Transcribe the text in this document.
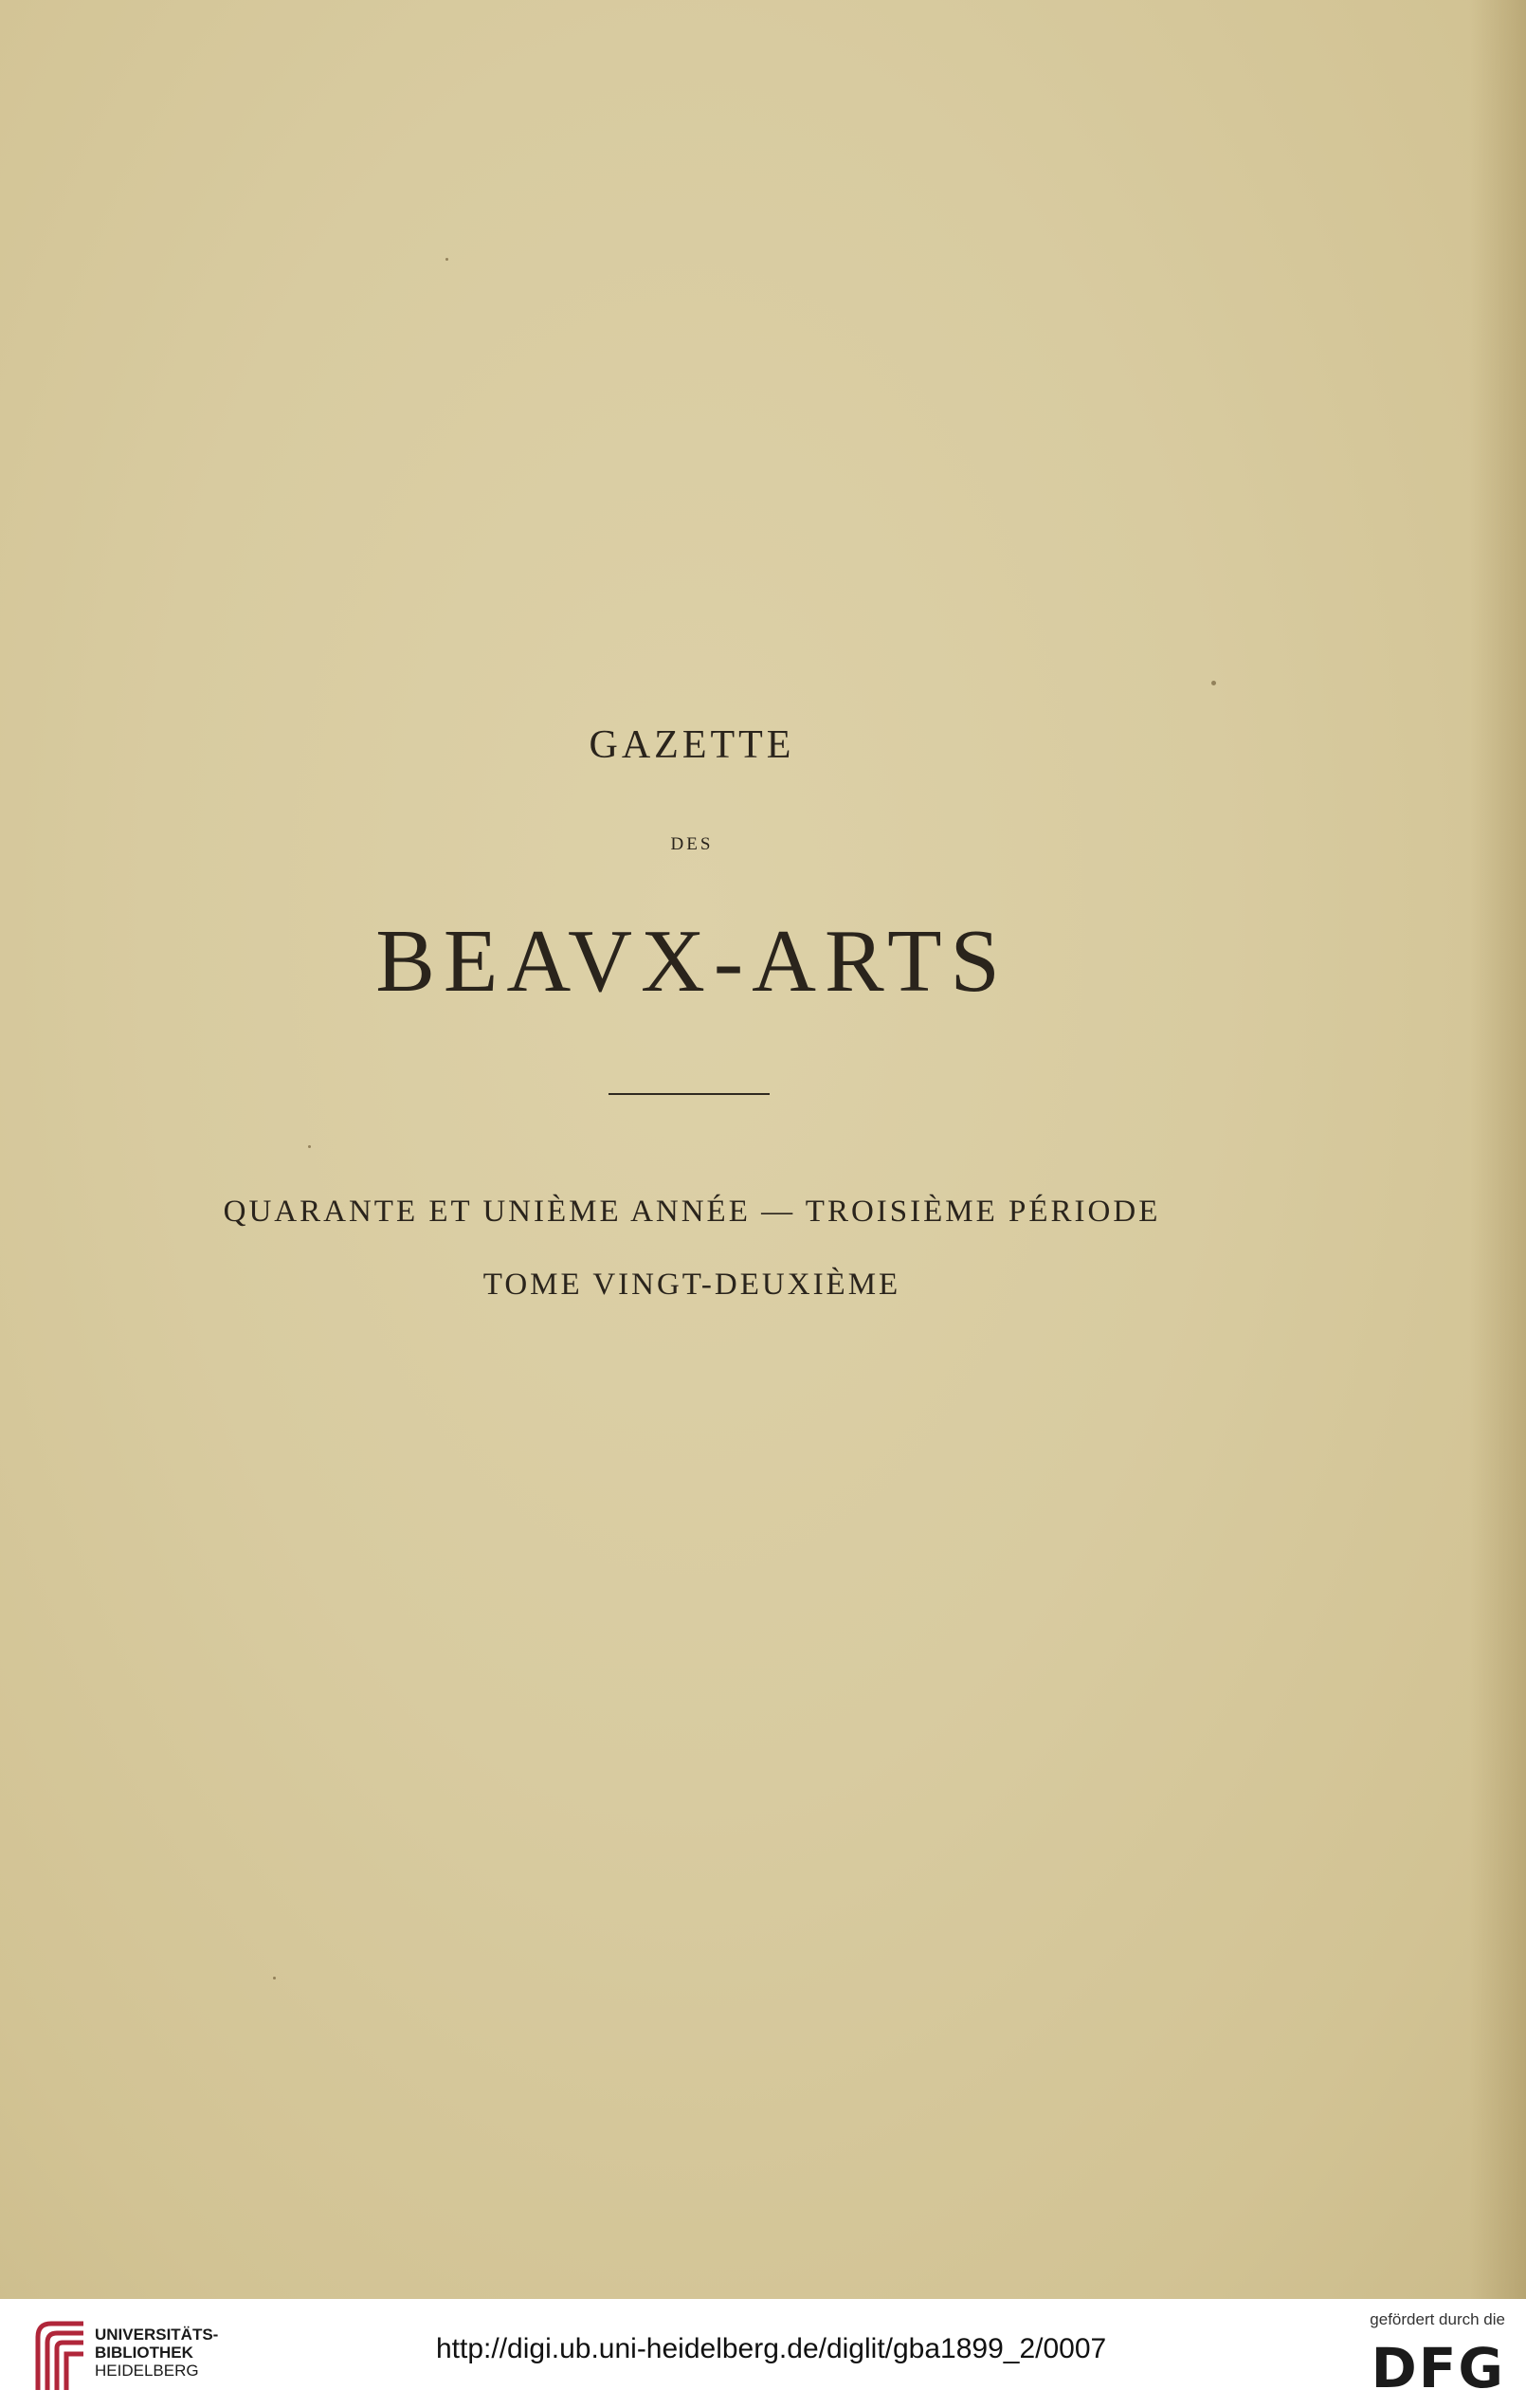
GAZETTE
DES
BEAVX-ARTS
QUARANTE ET UNIÈME ANNÉE — TROISIÈME PÉRIODE
TOME VINGT-DEUXIÈME
UNIVERSITÄTS-
BIBLIOTHEK
HEIDELBERG
http://digi.ub.uni-heidelberg.de/diglit/gba1899_2/0007
gefördert durch die
DFG
